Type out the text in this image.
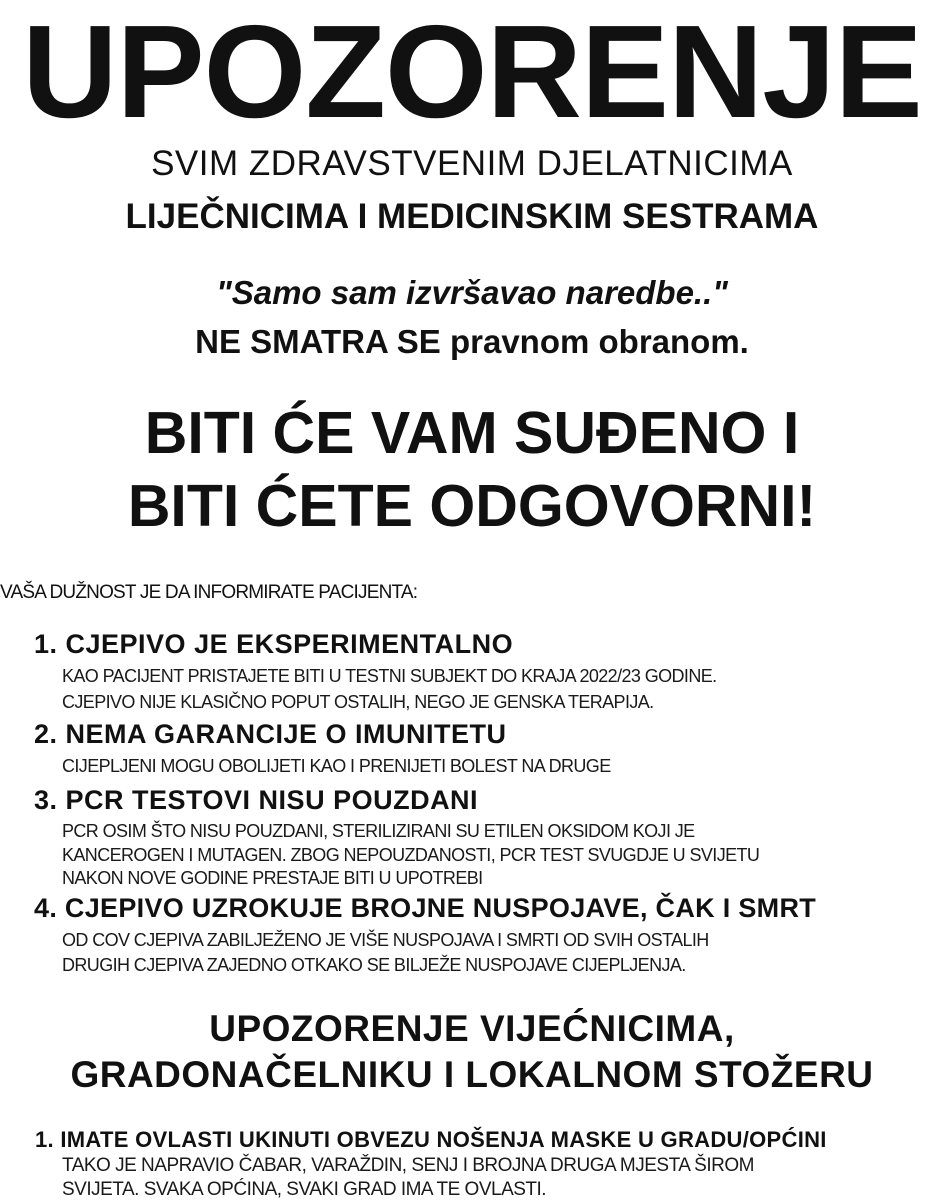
UPOZORENJE
SVIM ZDRAVSTVENIM DJELATNICIMA
LIJEČNICIMA I MEDICINSKIM SESTRAMA
"Samo sam izvršavao naredbe.."
NE SMATRA SE pravnom obranom.
BITI ĆE VAM SUĐENO I
BITI ĆETE ODGOVORNI!
VAŠA DUŽNOST JE DA INFORMIRATE PACIJENTA:
1. CJEPIVO JE EKSPERIMENTALNO
KAO PACIJENT PRISTAJETE BITI U TESTNI SUBJEKT DO KRAJA 2022/23 GODINE.
CJEPIVO NIJE KLASIČNO POPUT OSTALIH, NEGO JE GENSKA TERAPIJA.
2. NEMA GARANCIJE O IMUNITETU
CIJEPLJENI MOGU OBOLIJETI KAO I PRENIJETI BOLEST NA DRUGE
3. PCR TESTOVI NISU POUZDANI
PCR OSIM ŠTO NISU POUZDANI, STERILIZIRANI SU ETILEN OKSIDOM KOJI JE
KANCEROGEN I MUTAGEN. ZBOG NEPOUZDANOSTI, PCR TEST SVUGDJE U SVIJETU
NAKON NOVE GODINE PRESTAJE BITI U UPOTREBI
4. CJEPIVO UZROKUJE BROJNE NUSPOJAVE, ČAK I SMRT
OD COV CJEPIVA ZABILJEŽENO JE VIŠE NUSPOJAVA I SMRTI OD SVIH OSTALIH
DRUGIH CJEPIVA ZAJEDNO OTKAKO SE BILJEŽE NUSPOJAVE CIJEPLJENJA.
UPOZORENJE VIJEĆNICIMA,
GRADONAČELNIKU I LOKALNOM STOŽERU
1. IMATE OVLASTI UKINUTI OBVEZU NOŠENJA MASKE U GRADU/OPĆINI
TAKO JE NAPRAVIO ČABAR, VARAŽDIN, SENJ I BROJNA DRUGA MJESTA ŠIROM
SVIJETA. SVAKA OPĆINA, SVAKI GRAD IMA TE OVLASTI.
